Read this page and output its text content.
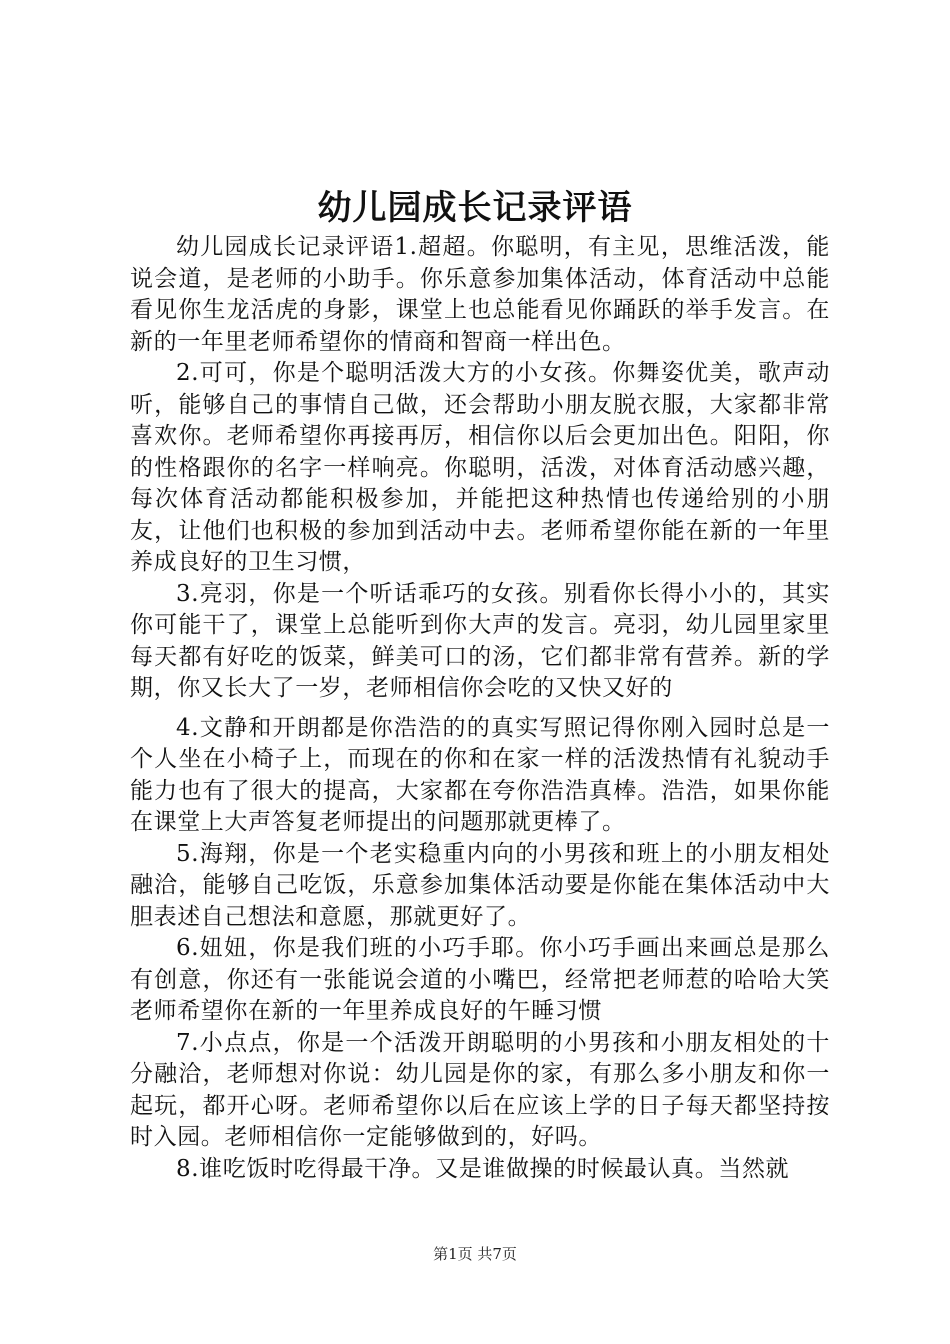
幼儿园成长记录评语

幼儿园成长记录评语1.超超。你聪明，有主见，思维活泼，能说会道，是老师的小助手。你乐意参加集体活动，体育活动中总能看见你生龙活虎的身影，课堂上也总能看见你踊跃的举手发言。在新的一年里老师希望你的情商和智商一样出色。

2.可可，你是个聪明活泼大方的小女孩。你舞姿优美，歌声动听，能够自己的事情自己做，还会帮助小朋友脱衣服，大家都非常喜欢你。老师希望你再接再厉，相信你以后会更加出色。阳阳，你的性格跟你的名字一样响亮。你聪明，活泼，对体育活动感兴趣，每次体育活动都能积极参加，并能把这种热情也传递给别的小朋友，让他们也积极的参加到活动中去。老师希望你能在新的一年里养成良好的卫生习惯，

3.亮羽，你是一个听话乖巧的女孩。别看你长得小小的，其实你可能干了，课堂上总能听到你大声的发言。亮羽，幼儿园里家里每天都有好吃的饭菜，鲜美可口的汤，它们都非常有营养。新的学期，你又长大了一岁，老师相信你会吃的又快又好的

4.文静和开朗都是你浩浩的的真实写照记得你刚入园时总是一个人坐在小椅子上，而现在的你和在家一样的活泼热情有礼貌动手能力也有了很大的提高，大家都在夸你浩浩真棒。浩浩，如果你能在课堂上大声答复老师提出的问题那就更棒了。

5.海翔，你是一个老实稳重内向的小男孩和班上的小朋友相处融洽，能够自己吃饭，乐意参加集体活动要是你能在集体活动中大胆表述自己想法和意愿，那就更好了。

6.妞妞，你是我们班的小巧手耶。你小巧手画出来画总是那么有创意，你还有一张能说会道的小嘴巴，经常把老师惹的哈哈大笑老师希望你在新的一年里养成良好的午睡习惯

7.小点点，你是一个活泼开朗聪明的小男孩和小朋友相处的十分融洽，老师想对你说：幼儿园是你的家，有那么多小朋友和你一起玩，都开心呀。老师希望你以后在应该上学的日子每天都坚持按时入园。老师相信你一定能够做到的，好吗。

8.谁吃饭时吃得最干净。又是谁做操的时候最认真。当然就

第1页 共7页
